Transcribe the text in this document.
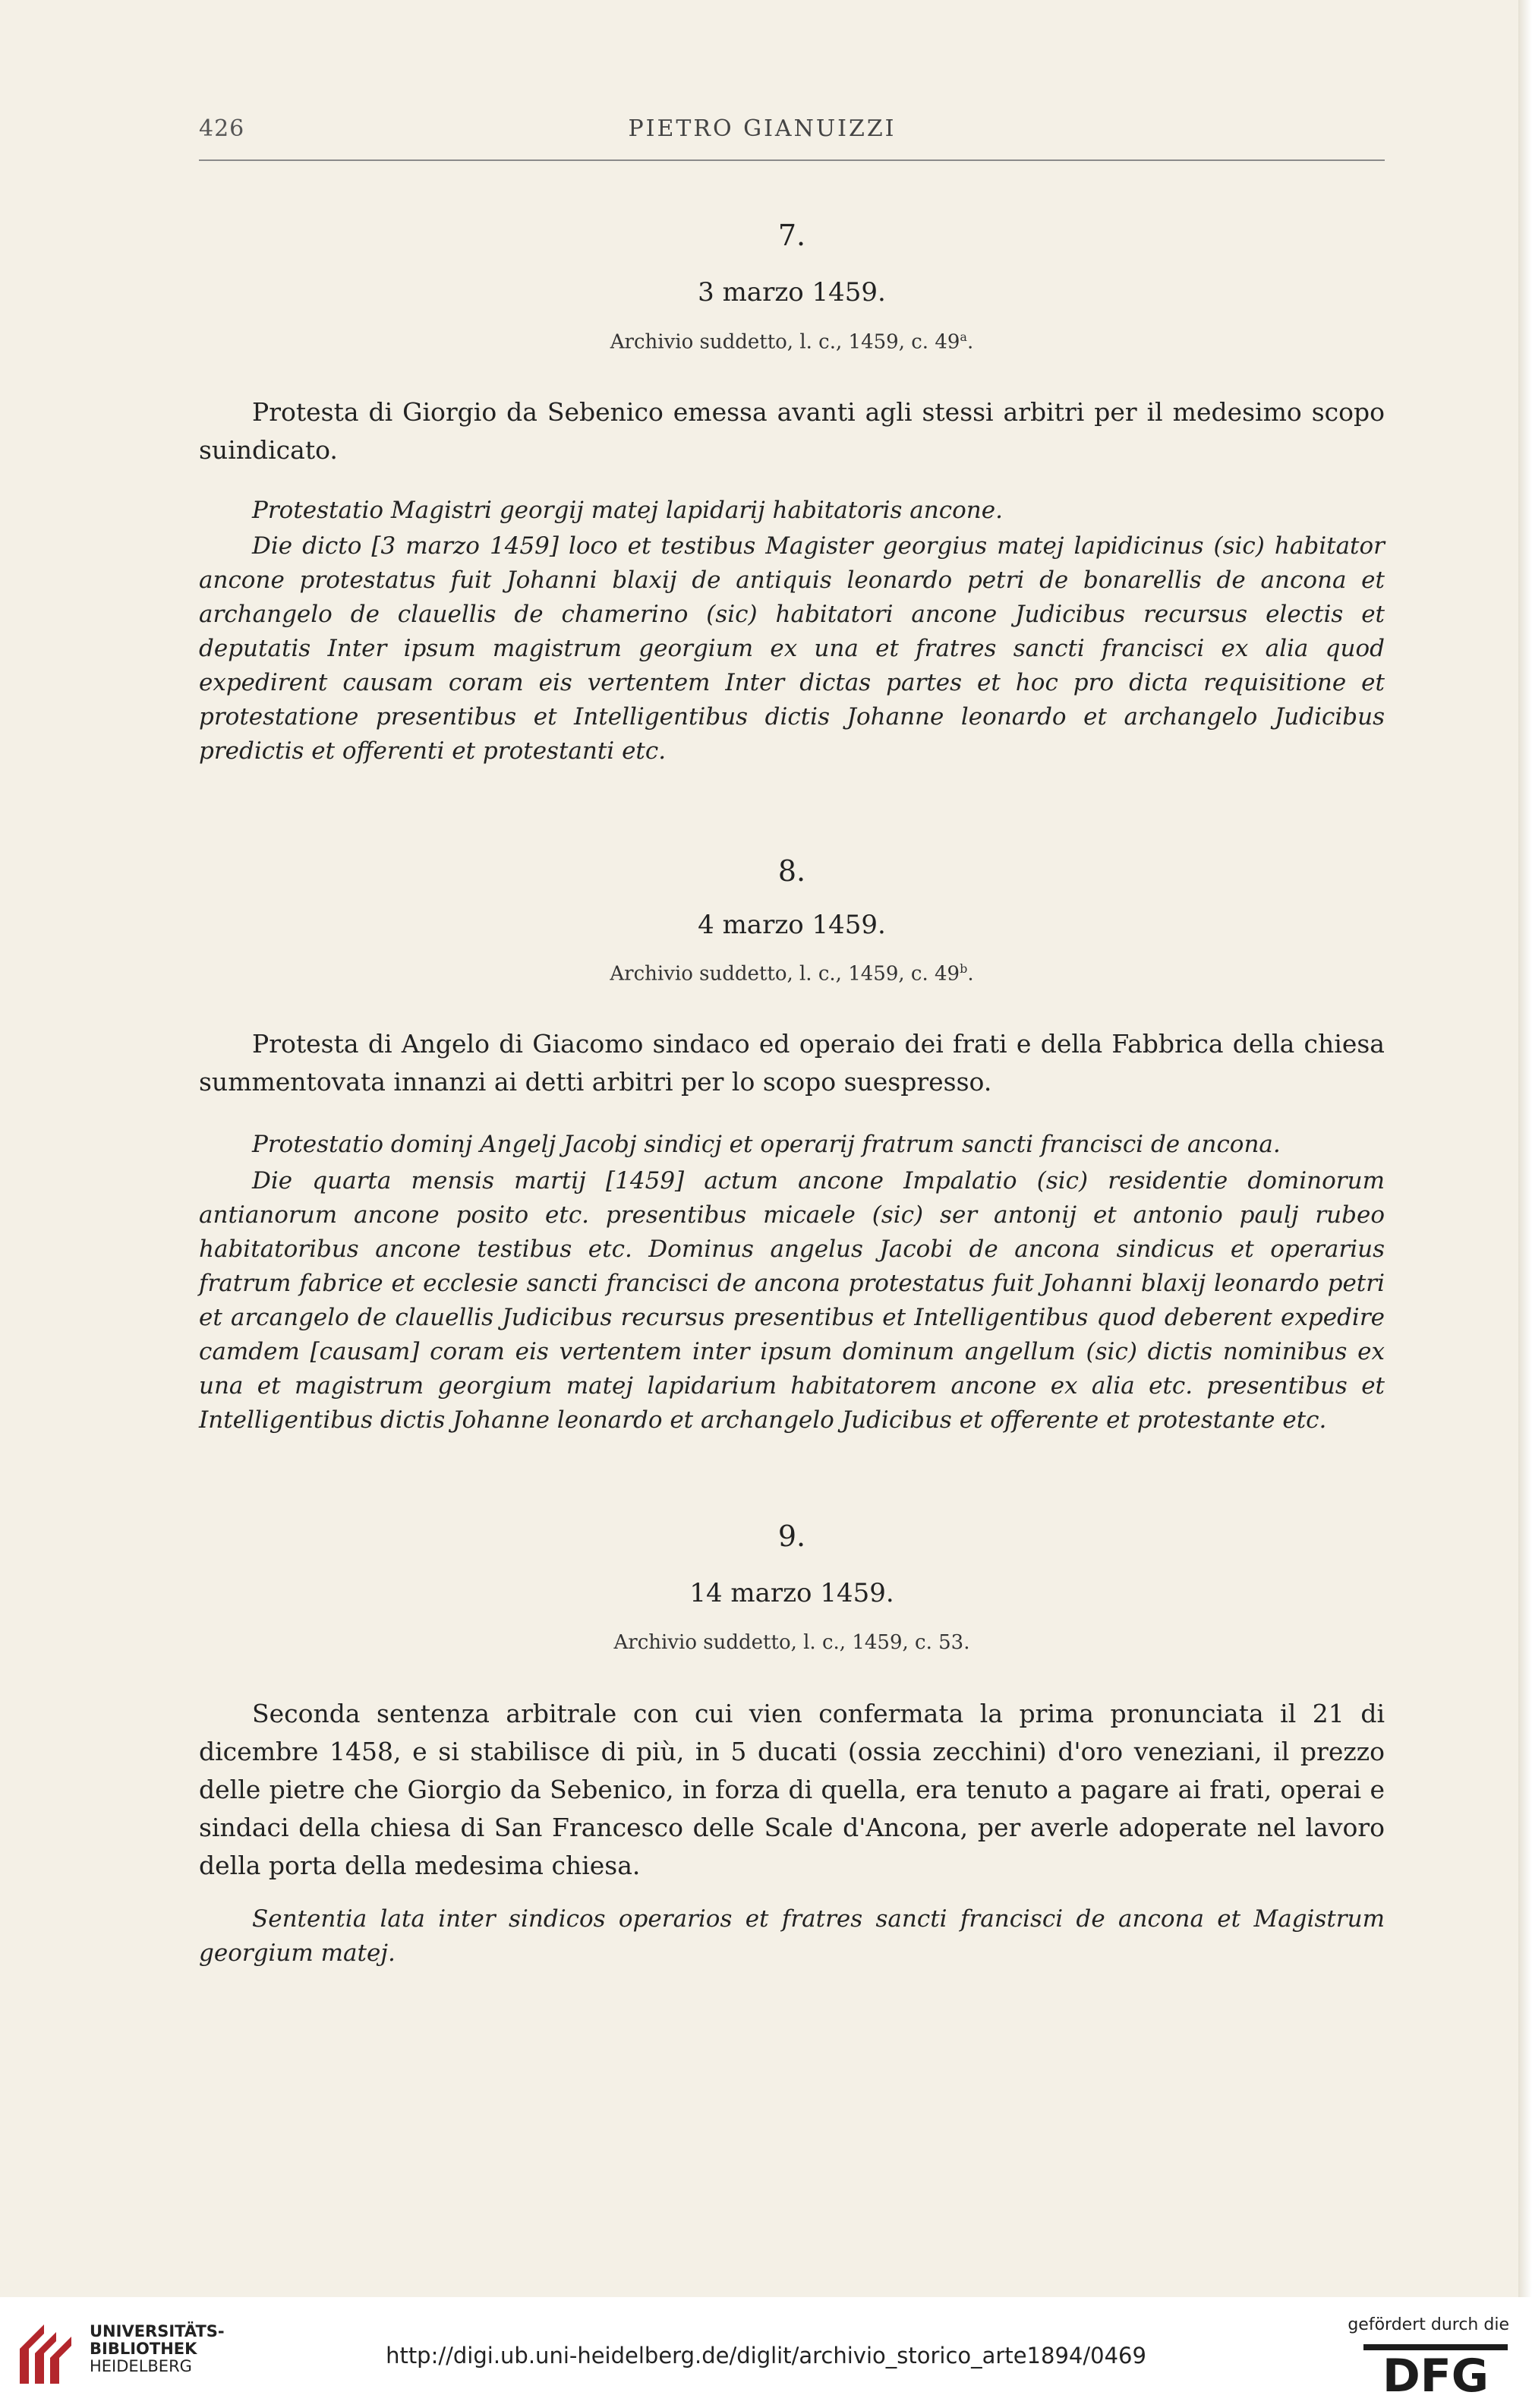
426	PIETRO GIANUIZZI
7.
3 marzo 1459.
Archivio suddetto, l. c., 1459, c. 49$^a$.

Protesta di Giorgio da Sebenico emessa avanti agli stessi arbitri per il medesimo scopo suindicato.

Protestatio Magistri georgij matej lapidarij habitatoris ancone.

Die dicto [3 marzo 1459] loco et testibus Magister georgius matej lapidicinus (sic) habitator ancone protestatus fuit Johanni blaxij de antiquis leonardo petri de bonarellis de ancona et archangelo de clauellis de chamerino (sic) habitatori ancone Judicibus recursus electis et deputatis Inter ipsum magistrum georgium ex una et fratres sancti francisci ex alia quod expedirent causam coram eis vertentem Inter dictas partes et hoc pro dicta requisitione et protestatione presentibus et Intelligentibus dictis Johanne leonardo et archangelo Judicibus predictis et offerenti et protestanti etc.

8.
4 marzo 1459.
Archivio suddetto, l. c., 1459, c. 49$^b$.

Protesta di Angelo di Giacomo sindaco ed operaio dei frati e della Fabbrica della chiesa summentovata innanzi ai detti arbitri per lo scopo suespresso.

Protestatio dominj Angelj Jacobj sindicj et operarij fratrum sancti francisci de ancona.

Die quarta mensis martij [1459] actum ancone Impalatio (sic) residentie dominorum antianorum ancone posito etc. presentibus micaele (sic) ser antonij et antonio paulj rubeo habitatoribus ancone testibus etc. Dominus angelus Jacobi de ancona sindicus et operarius fratrum fabrice et ecclesie sancti francisci de ancona protestatus fuit Johanni blaxij leonardo petri et arcangelo de clauellis Judicibus recursus presentibus et Intelligentibus quod deberent expedire camdem [causam] coram eis vertentem inter ipsum dominum angellum (sic) dictis nominibus ex una et magistrum georgium matej lapidarium habitatorem ancone ex alia etc. presentibus et Intelligentibus dictis Johanne leonardo et archangelo Judicibus et offerente et protestante etc.

9.
14 marzo 1459.
Archivio suddetto, l. c., 1459, c. 53.

Seconda sentenza arbitrale con cui vien confermata la prima pronunciata il 21 di dicembre 1458, e si stabilisce di più, in 5 ducati (ossia zecchini) d'oro veneziani, il prezzo delle pietre che Giorgio da Sebenico, in forza di quella, era tenuto a pagare ai frati, operai e sindaci della chiesa di San Francesco delle Scale d'Ancona, per averle adoperate nel lavoro della porta della medesima chiesa.

Sententia lata inter sindicos operarios et fratres sancti francisci de ancona et Magistrum georgium matej.

UNIVERSITÄTS-
BIBLIOTHEK
HEIDELBERG	http://digi.ub.uni-heidelberg.de/diglit/archivio_storico_arte1894/0469
gefördert durch die
DFG
